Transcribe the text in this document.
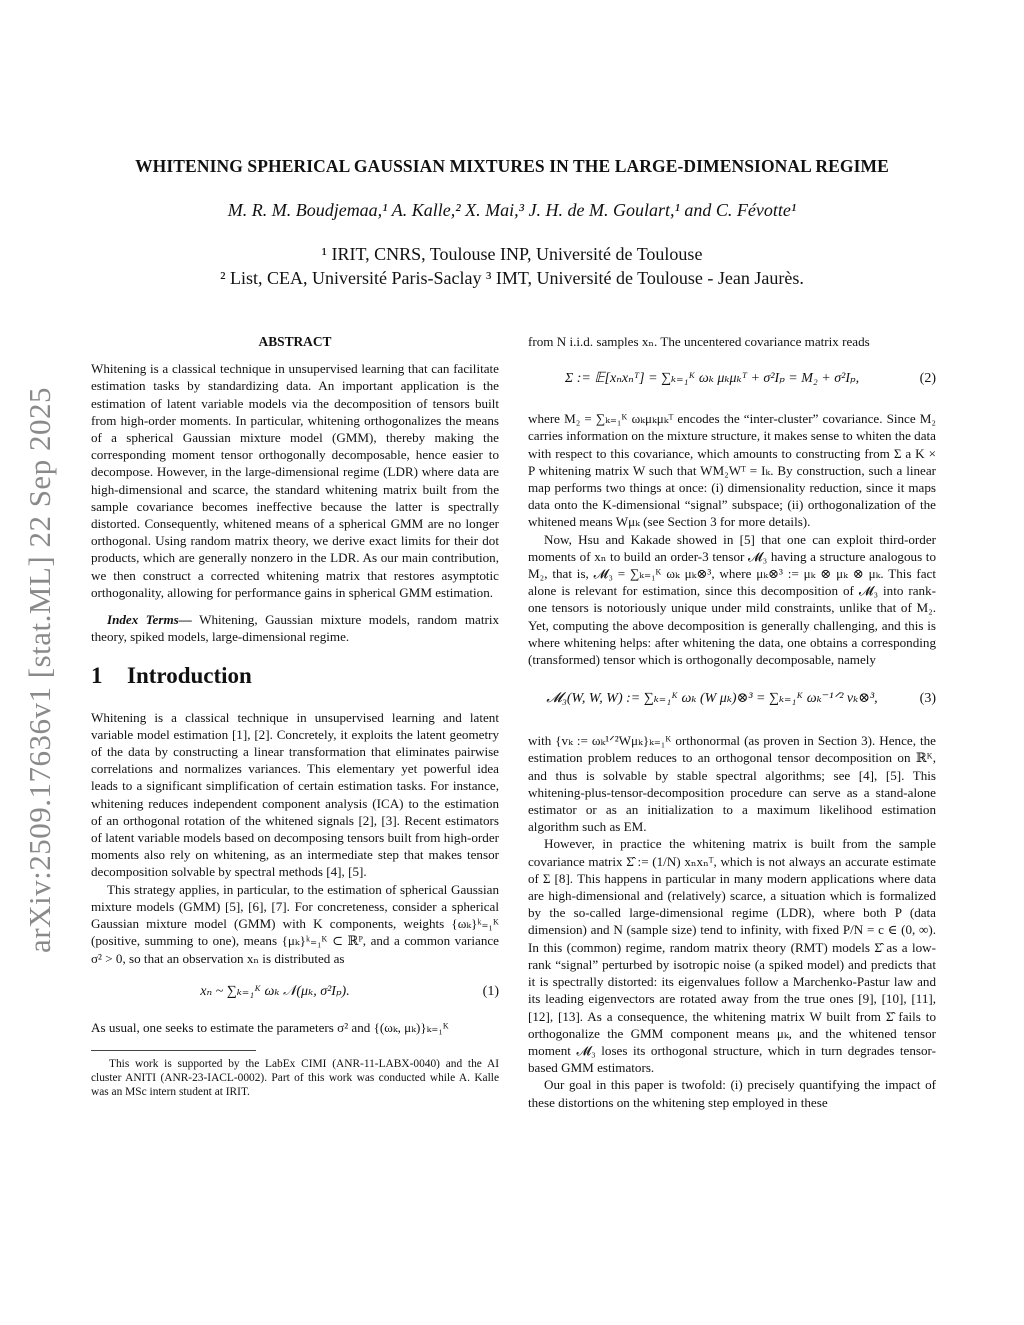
arXiv:2509.17636v1 [stat.ML] 22 Sep 2025
WHITENING SPHERICAL GAUSSIAN MIXTURES IN THE LARGE-DIMENSIONAL REGIME
M. R. M. Boudjemaa,¹ A. Kalle,² X. Mai,³ J. H. de M. Goulart,¹ and C. Févotte¹
¹ IRIT, CNRS, Toulouse INP, Université de Toulouse
² List, CEA, Université Paris-Saclay ³ IMT, Université de Toulouse - Jean Jaurès.
ABSTRACT

Whitening is a classical technique in unsupervised learning that can facilitate estimation tasks by standardizing data. An important application is the estimation of latent variable models via the decomposition of tensors built from high-order moments. In particular, whitening orthogonalizes the means of a spherical Gaussian mixture model (GMM), thereby making the corresponding moment tensor orthogonally decomposable, hence easier to decompose. However, in the large-dimensional regime (LDR) where data are high-dimensional and scarce, the standard whitening matrix built from the sample covariance becomes ineffective because the latter is spectrally distorted. Consequently, whitened means of a spherical GMM are no longer orthogonal. Using random matrix theory, we derive exact limits for their dot products, which are generally nonzero in the LDR. As our main contribution, we then construct a corrected whitening matrix that restores asymptotic orthogonality, allowing for performance gains in spherical GMM estimation.

Index Terms— Whitening, Gaussian mixture models, random matrix theory, spiked models, large-dimensional regime.

1 Introduction

Whitening is a classical technique in unsupervised learning and latent variable model estimation [1], [2]. Concretely, it exploits the latent geometry of the data by constructing a linear transformation that eliminates pairwise correlations and normalizes variances. This elementary yet powerful idea leads to a significant simplification of certain estimation tasks. For instance, whitening reduces independent component analysis (ICA) to the estimation of an orthogonal rotation of the whitened signals [2], [3]. Recent estimators of latent variable models based on decomposing tensors built from high-order moments also rely on whitening, as an intermediate step that makes tensor decomposition solvable by spectral methods [4], [5].

This strategy applies, in particular, to the estimation of spherical Gaussian mixture models (GMM) [5], [6], [7]. For concreteness, consider a spherical Gaussian mixture model (GMM) with K components, weights {ωₖ}ᵏ₌₁ᴷ (positive, summing to one), means {μₖ}ᵏ₌₁ᴷ ⊂ ℝᴾ, and a common variance σ² > 0, so that an observation xₙ is distributed as

xₙ ~ ∑ₖ₌₁ᴷ ωₖ 𝒩(μₖ, σ²Iₚ).	(1)

As usual, one seeks to estimate the parameters σ² and {(ωₖ, μₖ)}ₖ₌₁ᴷ

This work is supported by the LabEx CIMI (ANR-11-LABX-0040) and the AI cluster ANITI (ANR-23-IACL-0002). Part of this work was conducted while A. Kalle was an MSc intern student at IRIT.

from N i.i.d. samples xₙ. The uncentered covariance matrix reads

Σ := 𝔼[xₙxₙᵀ] = ∑ₖ₌₁ᴷ ωₖ μₖμₖᵀ + σ²Iₚ = M₂ + σ²Iₚ,	(2)

where M₂ = ∑ₖ₌₁ᴷ ωₖμₖμₖᵀ encodes the “inter-cluster” covariance. Since M₂ carries information on the mixture structure, it makes sense to whiten the data with respect to this covariance, which amounts to constructing from Σ a K × P whitening matrix W such that WM₂Wᵀ = Iₖ. By construction, such a linear map performs two things at once: (i) dimensionality reduction, since it maps data onto the K-dimensional “signal” subspace; (ii) orthogonalization of the whitened means Wμₖ (see Section 3 for more details).

Now, Hsu and Kakade showed in [5] that one can exploit third-order moments of xₙ to build an order-3 tensor 𝓜₃ having a structure analogous to M₂, that is, 𝓜₃ = ∑ₖ₌₁ᴷ ωₖ μₖ⊗³, where μₖ⊗³ := μₖ ⊗ μₖ ⊗ μₖ. This fact alone is relevant for estimation, since this decomposition of 𝓜₃ into rank-one tensors is notoriously unique under mild constraints, unlike that of M₂. Yet, computing the above decomposition is generally challenging, and this is where whitening helps: after whitening the data, one obtains a corresponding (transformed) tensor which is orthogonally decomposable, namely

𝓜₃(W, W, W) := ∑ₖ₌₁ᴷ ωₖ (W μₖ)⊗³ = ∑ₖ₌₁ᴷ ωₖ⁻¹ᐟ² vₖ⊗³,	(3)

with {vₖ := ωₖ¹ᐟ²Wμₖ}ₖ₌₁ᴷ orthonormal (as proven in Section 3). Hence, the estimation problem reduces to an orthogonal tensor decomposition on ℝᴷ, and thus is solvable by stable spectral algorithms; see [4], [5]. This whitening-plus-tensor-decomposition procedure can serve as a stand-alone estimator or as an initialization to a maximum likelihood estimation algorithm such as EM.

However, in practice the whitening matrix is built from the sample covariance matrix Σ̂ := (1/N) xₙxₙᵀ, which is not always an accurate estimate of Σ [8]. This happens in particular in many modern applications where data are high-dimensional and (relatively) scarce, a situation which is formalized by the so-called large-dimensional regime (LDR), where both P (data dimension) and N (sample size) tend to infinity, with fixed P/N = c ∈ (0, ∞). In this (common) regime, random matrix theory (RMT) models Σ̂ as a low-rank “signal” perturbed by isotropic noise (a spiked model) and predicts that it is spectrally distorted: its eigenvalues follow a Marchenko-Pastur law and its leading eigenvectors are rotated away from the true ones [9], [10], [11], [12], [13]. As a consequence, the whitening matrix W built from Σ̂ fails to orthogonalize the GMM component means μₖ, and the whitened tensor moment 𝓜₃ loses its orthogonal structure, which in turn degrades tensor-based GMM estimators.

Our goal in this paper is twofold: (i) precisely quantifying the impact of these distortions on the whitening step employed in these
